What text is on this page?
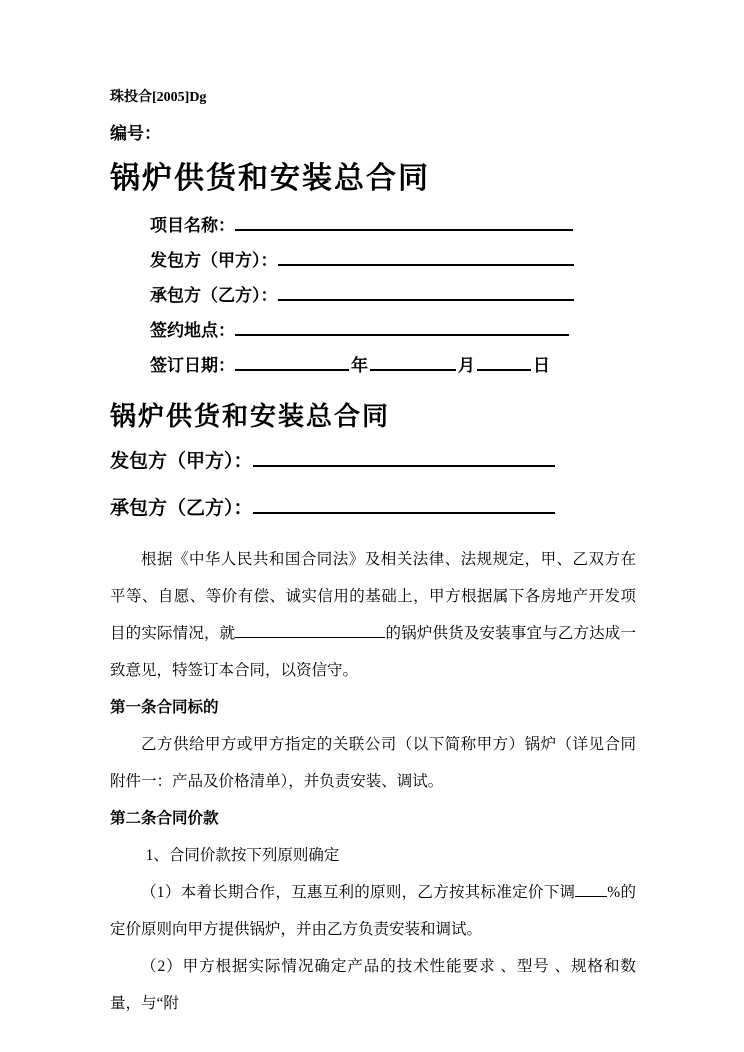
珠投合[2005]Dg
编号：
锅炉供货和安装总合同
项目名称：
发包方（甲方）：
承包方（乙方）：
签约地点：
签订日期：	年	月	日
锅炉供货和安装总合同
发包方（甲方）：
承包方（乙方）：

根据《中华人民共和国合同法》及相关法律、法规规定，甲、乙双方在平等、自愿、等价有偿、诚实信用的基础上，甲方根据属下各房地产开发项目的实际情况，就	的锅炉供货及安装事宜与乙方达成一致意见，特签订本合同，以资信守。

第一条合同标的

乙方供给甲方或甲方指定的关联公司（以下简称甲方）锅炉（详见合同附件一：产品及价格清单），并负责安装、调试。

第二条合同价款

1、合同价款按下列原则确定

（1）本着长期合作，互惠互利的原则，乙方按其标准定价下调 %的定价原则向甲方提供锅炉，并由乙方负责安装和调试。

（2）甲方根据实际情况确定产品的技术性能要求 、型号 、规格和数量，与“附
